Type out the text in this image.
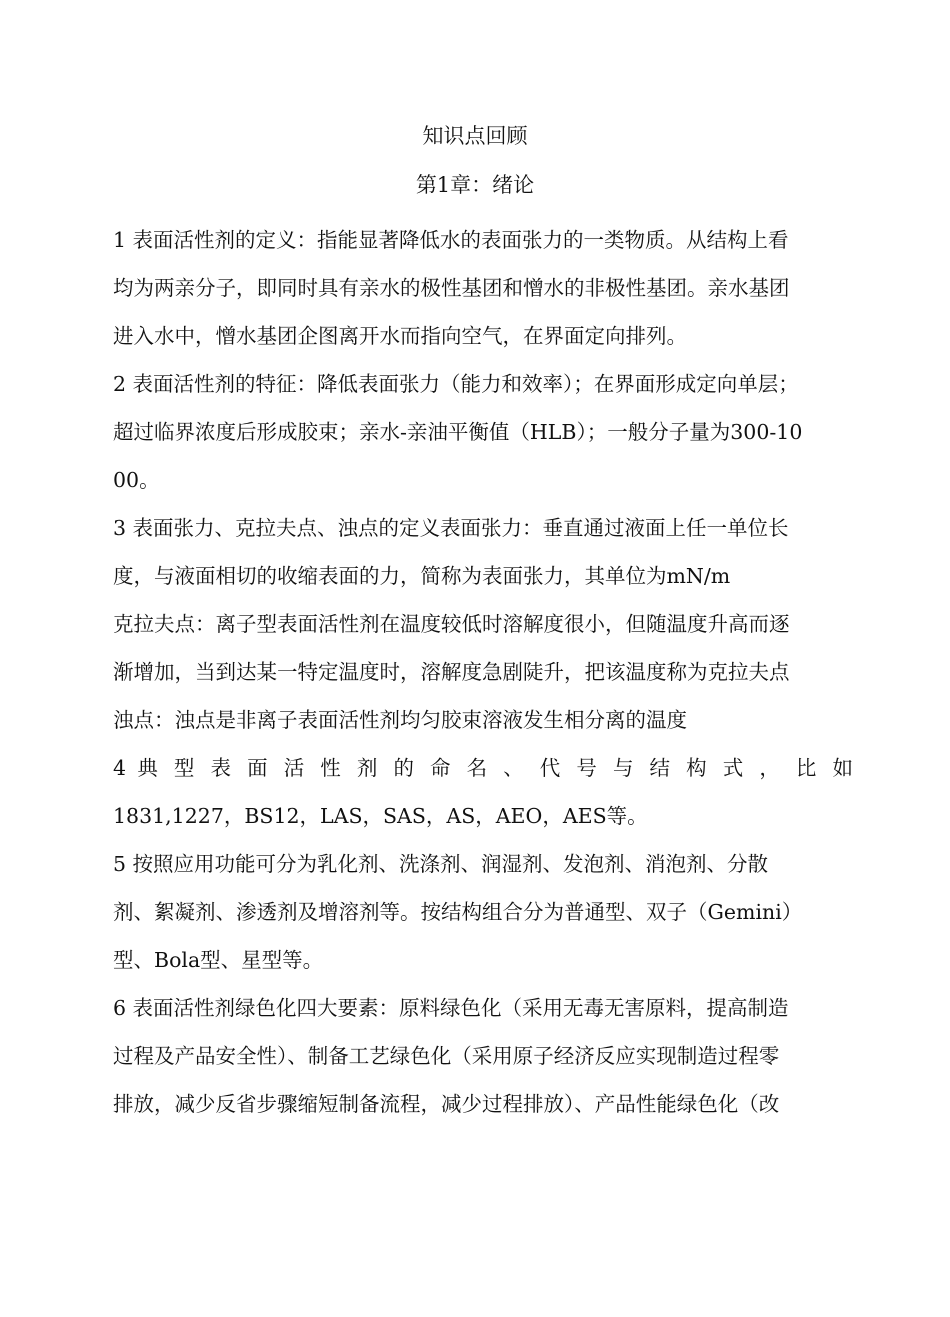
知识点回顾
第1章：绪论
1 表面活性剂的定义：指能显著降低水的表面张力的一类物质。从结构上看
均为两亲分子，即同时具有亲水的极性基团和憎水的非极性基团。亲水基团
进入水中，憎水基团企图离开水而指向空气，在界面定向排列。
2 表面活性剂的特征：降低表面张力（能力和效率）；在界面形成定向单层；
超过临界浓度后形成胶束；亲水-亲油平衡值（HLB）；一般分子量为300-10
00。
3 表面张力、克拉夫点、浊点的定义表面张力：垂直通过液面上任一单位长
度，与液面相切的收缩表面的力，简称为表面张力，其单位为mN/m
克拉夫点：离子型表面活性剂在温度较低时溶解度很小，但随温度升高而逐
渐增加，当到达某一特定温度时，溶解度急剧陡升，把该温度称为克拉夫点
浊点：浊点是非离子表面活性剂均匀胶束溶液发生相分离的温度
4 典 型 表 面 活 性 剂 的 命 名 、 代 号 与 结 构 式 ， 比 如
1831,1227，BS12，LAS，SAS，AS，AEO，AES等。
5 按照应用功能可分为乳化剂、洗涤剂、润湿剂、发泡剂、消泡剂、分散
剂、絮凝剂、渗透剂及增溶剂等。按结构组合分为普通型、双子（Gemini）
型、Bola型、星型等。
6 表面活性剂绿色化四大要素：原料绿色化（采用无毒无害原料，提高制造
过程及产品安全性）、制备工艺绿色化（采用原子经济反应实现制造过程零
排放，减少反省步骤缩短制备流程，减少过程排放）、产品性能绿色化（改
